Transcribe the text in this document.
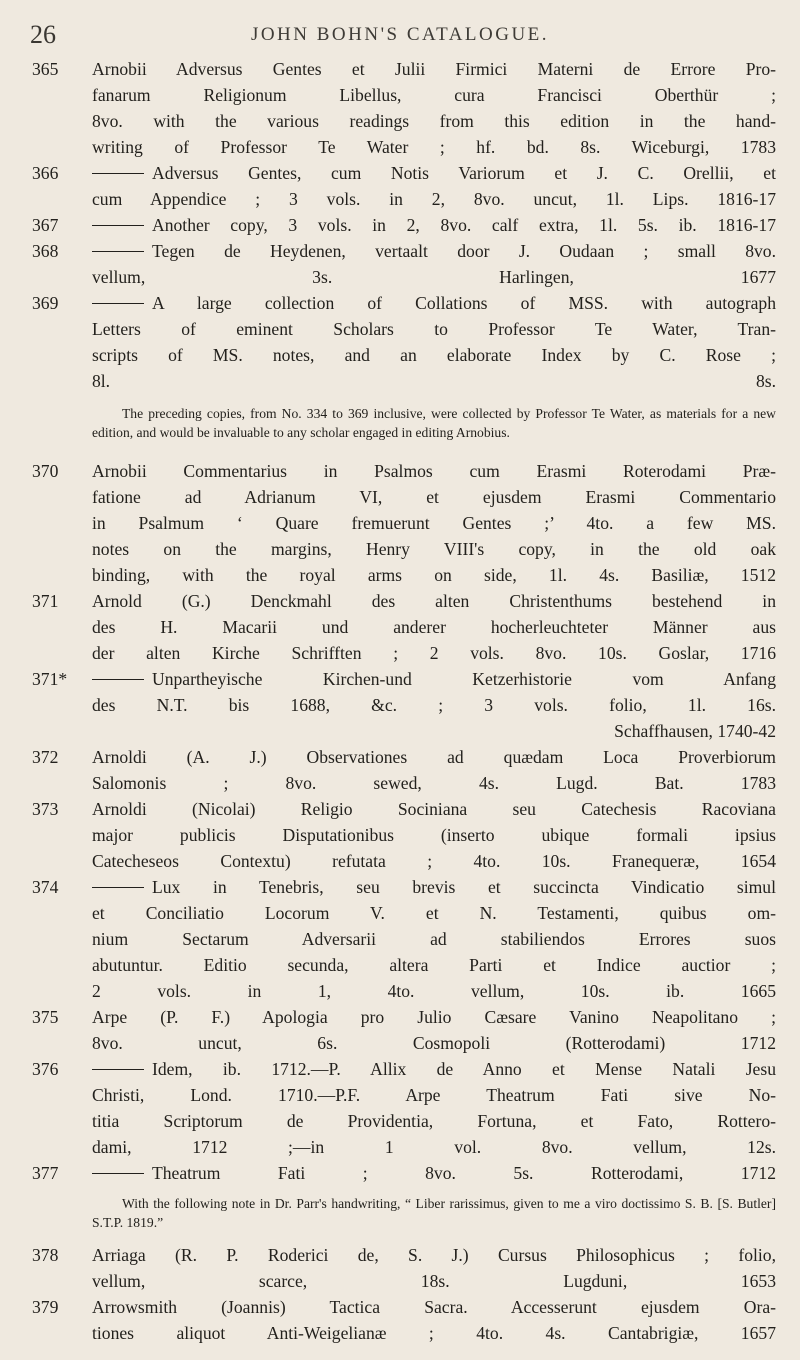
26	JOHN BOHN'S CATALOGUE.
365 Arnobii Adversus Gentes et Julii Firmici Materni de Errore Pro-
fanarum Religionum Libellus, cura Francisci Oberthür ;
8vo. with the various readings from this edition in the hand-
writing of Professor Te Water ; hf. bd. 8s. Wiceburgi, 1783
366	Adversus Gentes, cum Notis Variorum et J. C. Orellii, et
cum Appendice ; 3 vols. in 2, 8vo. uncut, 1l. Lips. 1816-17
367	Another copy, 3 vols. in 2, 8vo. calf extra, 1l. 5s. ib. 1816-17
368	Tegen de Heydenen, vertaalt door J. Oudaan ; small 8vo.
vellum, 3s. Harlingen, 1677
369	A large collection of Collations of MSS. with autograph
Letters of eminent Scholars to Professor Te Water, Tran-
scripts of MS. notes, and an elaborate Index by C. Rose ;
8l. 8s.
The preceding copies, from No. 334 to 369 inclusive, were collected by Professor Te Water, as materials for a new edition, and would be invaluable to any scholar engaged in editing Arnobius.
370 Arnobii Commentarius in Psalmos cum Erasmi Roterodami Præ-
fatione ad Adrianum VI, et ejusdem Erasmi Commentario
in Psalmum ‘ Quare fremuerunt Gentes ;’ 4to. a few MS.
notes on the margins, Henry VIII's copy, in the old oak
binding, with the royal arms on side, 1l. 4s. Basiliæ, 1512
371 Arnold (G.) Denckmahl des alten Christenthums bestehend in
des H. Macarii und anderer hocherleuchteter Männer aus
der alten Kirche Schrifften ; 2 vols. 8vo. 10s. Goslar, 1716
371*	Unpartheyische Kirchen-und Ketzerhistorie vom Anfang
des N.T. bis 1688, &c. ; 3 vols. folio, 1l. 16s.
Schaffhausen, 1740-42
372 Arnoldi (A. J.) Observationes ad quædam Loca Proverbiorum
Salomonis ; 8vo. sewed, 4s. Lugd. Bat. 1783
373 Arnoldi (Nicolai) Religio Sociniana seu Catechesis Racoviana
major publicis Disputationibus (inserto ubique formali ipsius
Catecheseos Contextu) refutata ; 4to. 10s. Franequeræ, 1654
374	Lux in Tenebris, seu brevis et succincta Vindicatio simul
et Conciliatio Locorum V. et N. Testamenti, quibus om-
nium Sectarum Adversarii ad stabiliendos Errores suos
abutuntur. Editio secunda, altera Parti et Indice auctior ;
2 vols. in 1, 4to. vellum, 10s. ib. 1665
375 Arpe (P. F.) Apologia pro Julio Cæsare Vanino Neapolitano ;
8vo. uncut, 6s. Cosmopoli (Rotterodami) 1712
376	Idem, ib. 1712.—P. Allix de Anno et Mense Natali Jesu
Christi, Lond. 1710.—P.F. Arpe Theatrum Fati sive No-
titia Scriptorum de Providentia, Fortuna, et Fato, Rottero-
dami, 1712 ;—in 1 vol. 8vo. vellum, 12s.
377	Theatrum Fati ; 8vo. 5s. Rotterodami, 1712
With the following note in Dr. Parr's handwriting, “ Liber rarissimus, given to me a viro doctissimo S. B. [S. Butler] S.T.P. 1819.”
378 Arriaga (R. P. Roderici de, S. J.) Cursus Philosophicus ; folio,
vellum, scarce, 18s. Lugduni, 1653
379 Arrowsmith (Joannis) Tactica Sacra. Accesserunt ejusdem Ora-
tiones aliquot Anti-Weigelianæ ; 4to. 4s. Cantabrigiæ, 1657
